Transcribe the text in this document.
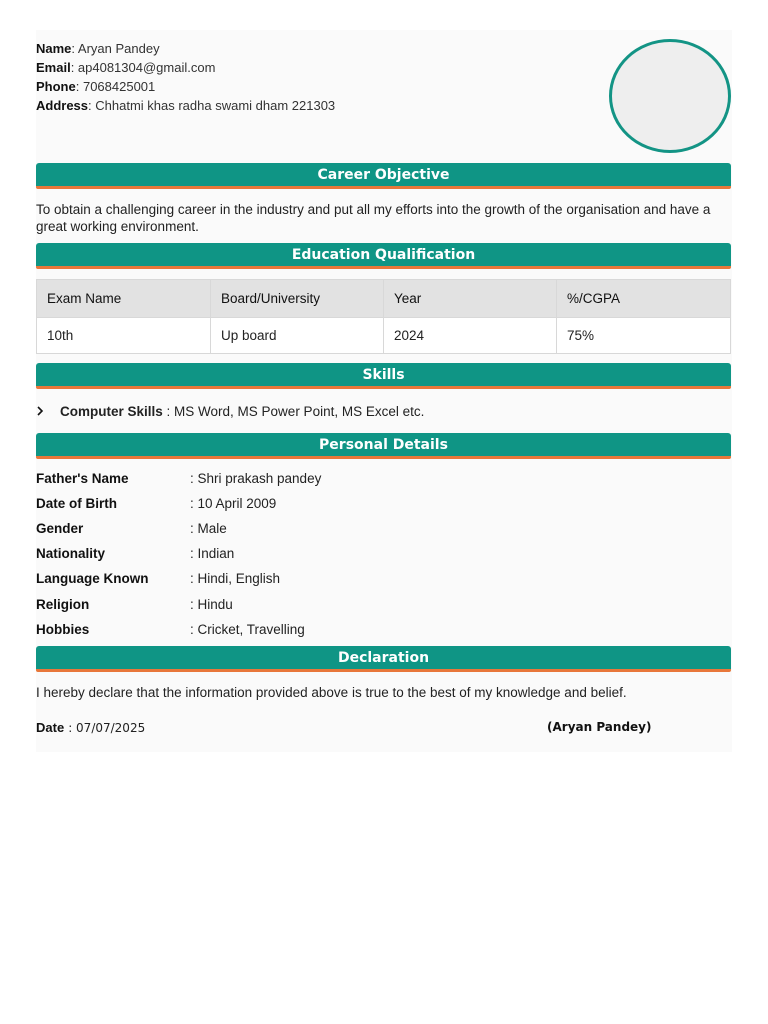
Name: Aryan Pandey
Email: ap4081304@gmail.com
Phone: 7068425001
Address: Chhatmi khas radha swami dham 221303
Career Objective
To obtain a challenging career in the industry and put all my efforts into the growth of the organisation and have a great working environment.
Education Qualification
Exam Name	Board/University	Year	%/CGPA
10th	Up board	2024	75%
Skills
Computer Skills : MS Word, MS Power Point, MS Excel etc.
Personal Details
Father's Name	: Shri prakash pandey
Date of Birth	: 10 April 2009
Gender	: Male
Nationality	: Indian
Language Known	: Hindi, English
Religion	: Hindu
Hobbies	: Cricket, Travelling
Declaration
I hereby declare that the information provided above is true to the best of my knowledge and belief.
Date : 07/07/2025	(Aryan Pandey)
